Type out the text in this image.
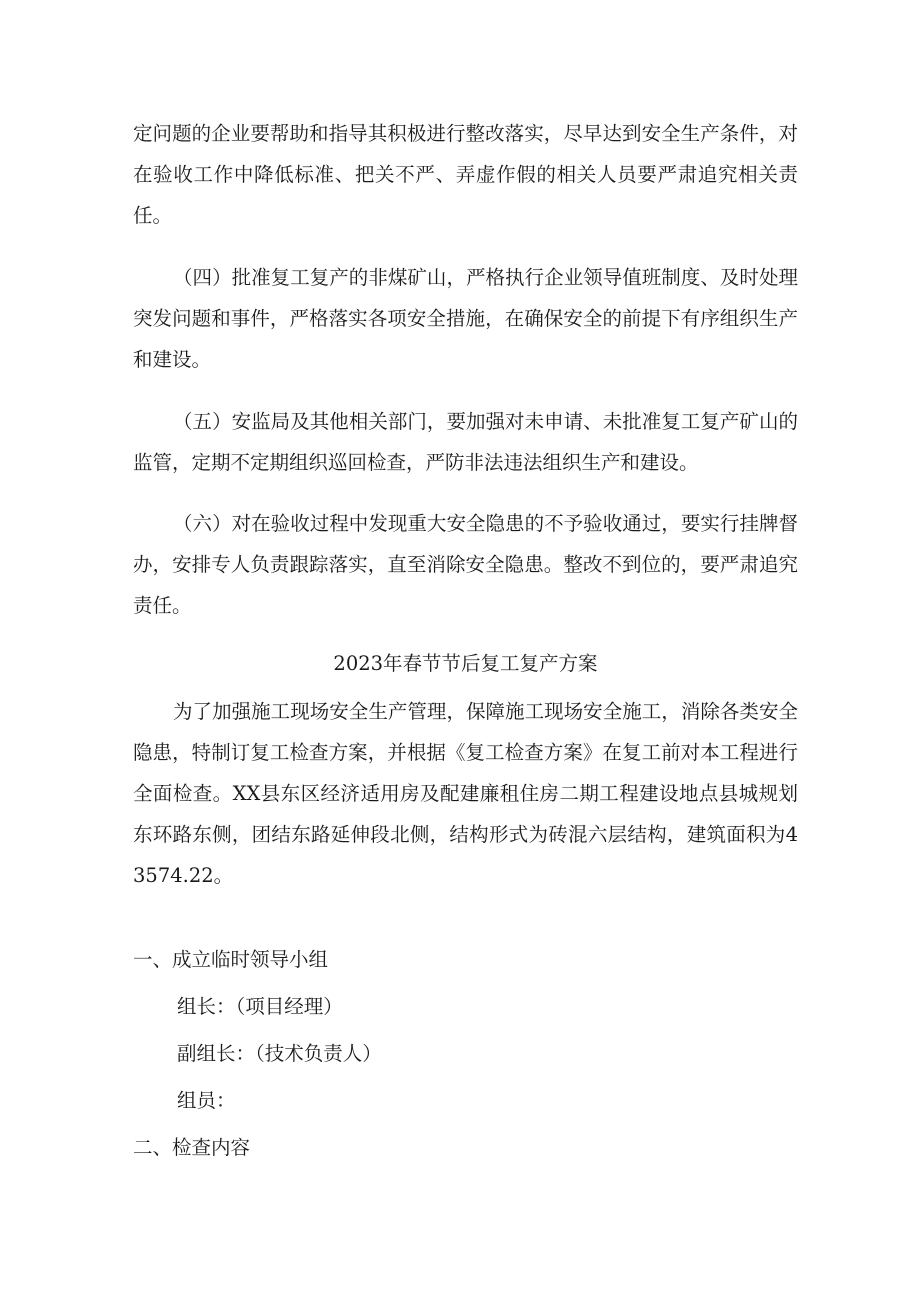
定问题的企业要帮助和指导其积极进行整改落实，尽早达到安全生产条件，对在验收工作中降低标准、把关不严、弄虚作假的相关人员要严肃追究相关责任。

（四）批准复工复产的非煤矿山，严格执行企业领导值班制度、及时处理突发问题和事件，严格落实各项安全措施，在确保安全的前提下有序组织生产和建设。

（五）安监局及其他相关部门，要加强对未申请、未批准复工复产矿山的监管，定期不定期组织巡回检查，严防非法违法组织生产和建设。

（六）对在验收过程中发现重大安全隐患的不予验收通过，要实行挂牌督办，安排专人负责跟踪落实，直至消除安全隐患。整改不到位的，要严肃追究责任。

2023年春节节后复工复产方案

为了加强施工现场安全生产管理，保障施工现场安全施工，消除各类安全隐患，特制订复工检查方案，并根据《复工检查方案》在复工前对本工程进行全面检查。XX县东区经济适用房及配建廉租住房二期工程建设地点县城规划东环路东侧，团结东路延伸段北侧，结构形式为砖混六层结构，建筑面积为43574.22。

一、成立临时领导小组

组长：（项目经理）

副组长：（技术负责人）

组员：

二、检查内容
